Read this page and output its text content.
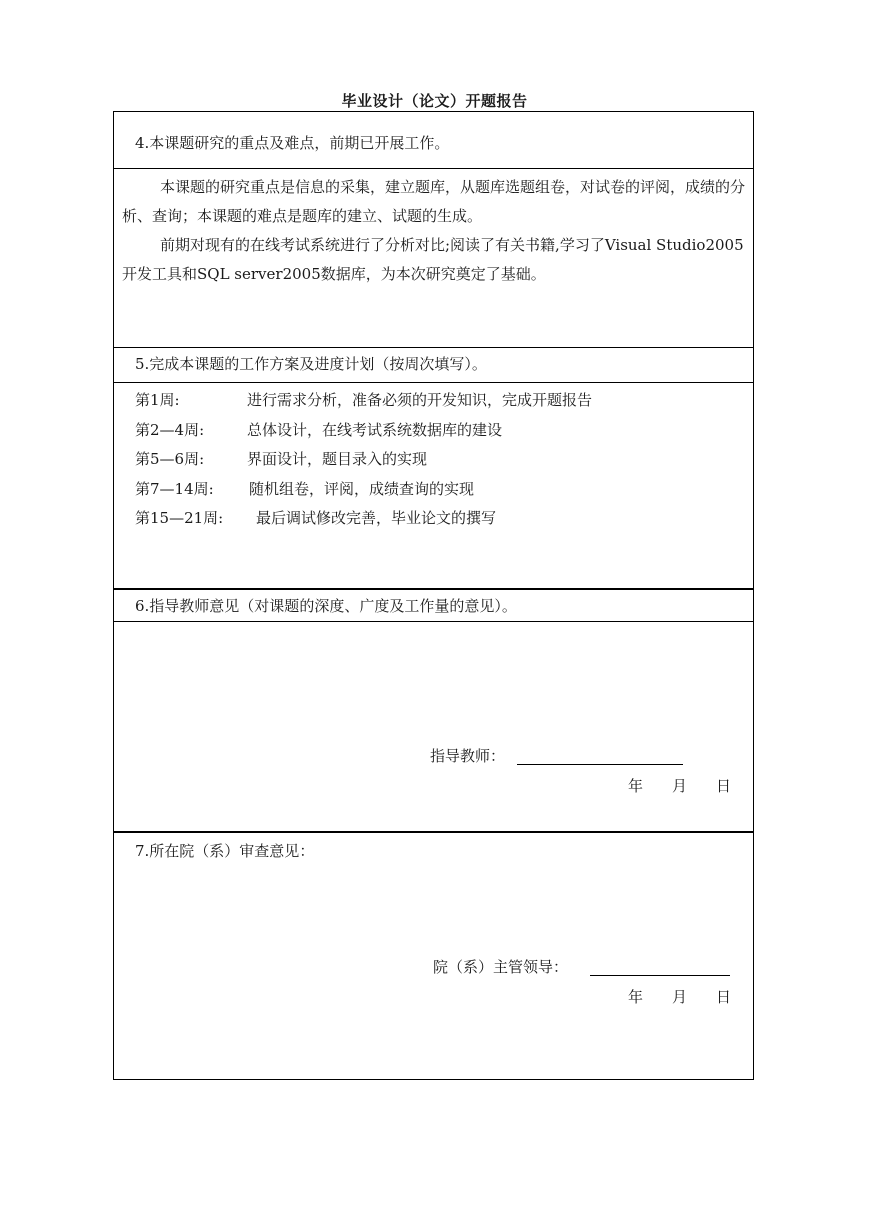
毕业设计（论文）开题报告
4.本课题研究的重点及难点，前期已开展工作。
本课题的研究重点是信息的采集，建立题库，从题库选题组卷，对试卷的评阅，成绩的分析、查询；本课题的难点是题库的建立、试题的生成。
前期对现有的在线考试系统进行了分析对比;阅读了有关书籍,学习了Visual Studio2005开发工具和SQL server2005数据库，为本次研究奠定了基础。
5.完成本课题的工作方案及进度计划（按周次填写）。
第1周:	进行需求分析，准备必须的开发知识，完成开题报告
第2—4周:	总体设计，在线考试系统数据库的建设
第5—6周:	界面设计，题目录入的实现
第7—14周: 随机组卷，评阅，成绩查询的实现
第15—21周: 最后调试修改完善，毕业论文的撰写
6.指导教师意见（对课题的深度、广度及工作量的意见）。
指导教师：
年 月 日
7.所在院（系）审查意见：
院（系）主管领导：
年 月 日
